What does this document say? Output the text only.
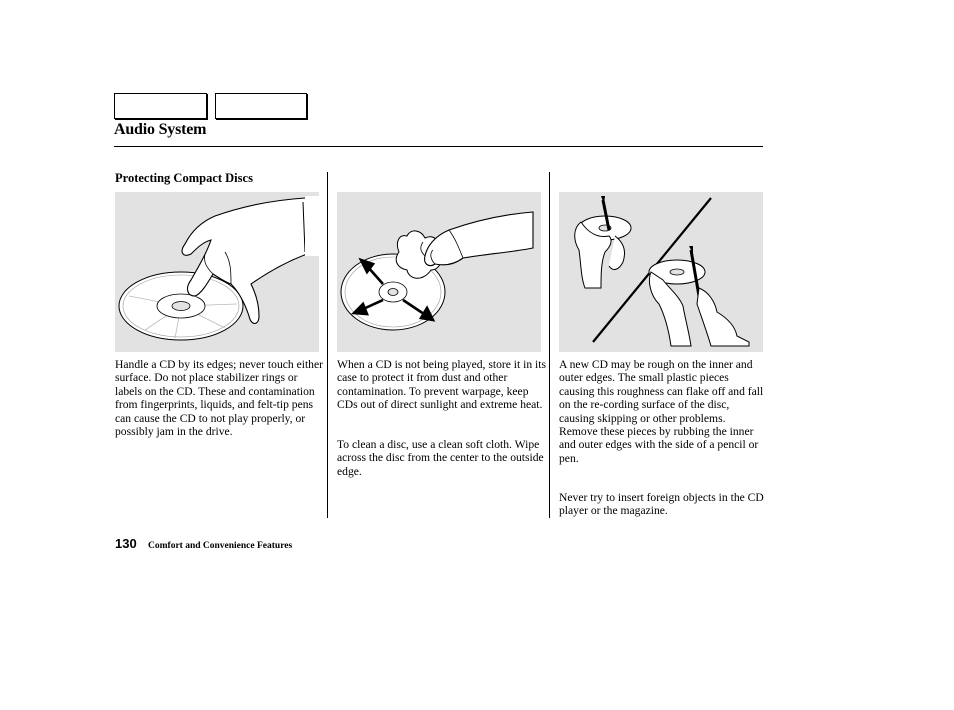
Audio System
Protecting Compact Discs

Handle a CD by its edges; never touch either surface. Do not place stabilizer rings or labels on the CD. These and contamination from fingerprints, liquids, and felt-tip pens can cause the CD to not play properly, or possibly jam in the drive.

When a CD is not being played, store it in its case to protect it from dust and other contamination. To prevent warpage, keep CDs out of direct sunlight and extreme heat.

To clean a disc, use a clean soft cloth. Wipe across the disc from the center to the outside edge.

A new CD may be rough on the inner and outer edges. The small plastic pieces causing this roughness can flake off and fall on the re-cording surface of the disc, causing skipping or other problems. Remove these pieces by rubbing the inner and outer edges with the side of a pencil or pen.

Never try to insert foreign objects in the CD player or the magazine.

130 Comfort and Convenience Features
